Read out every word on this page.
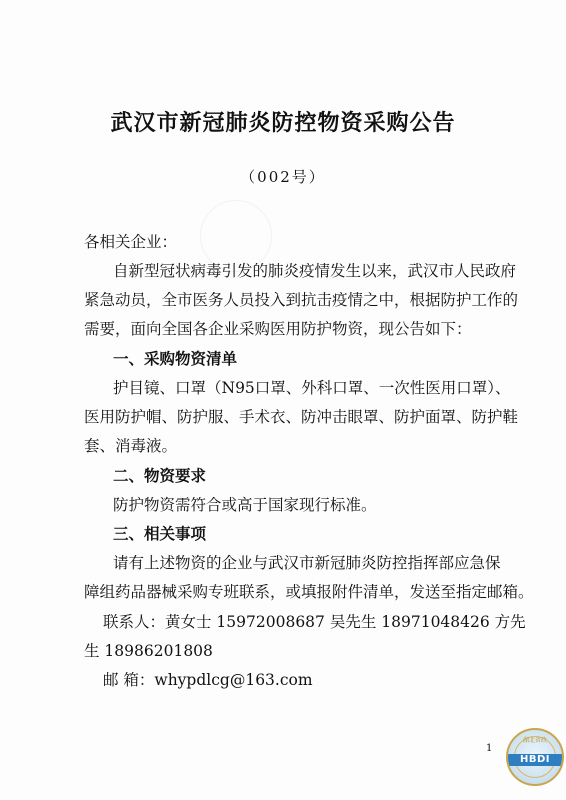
武汉市新冠肺炎防控物资采购公告
（002号）
各相关企业：
自新型冠状病毒引发的肺炎疫情发生以来，武汉市人民政府
紧急动员，全市医务人员投入到抗击疫情之中，根据防护工作的
需要，面向全国各企业采购医用防护物资，现公告如下：
一、采购物资清单
护目镜、口罩（N95口罩、外科口罩、一次性医用口罩）、
医用防护帽、防护服、手术衣、防冲击眼罩、防护面罩、防护鞋
套、消毒液。
二、物资要求
防护物资需符合或高于国家现行标准。
三、相关事项
请有上述物资的企业与武汉市新冠肺炎防控指挥部应急保
障组药品器械采购专班联系，或填报附件清单，发送至指定邮箱。
联系人：黄女士 15972008687 吴先生 18971048426 方先
生 18986201808
邮 箱：whypdlcg@163.com
1
湖北省政
HBDI
